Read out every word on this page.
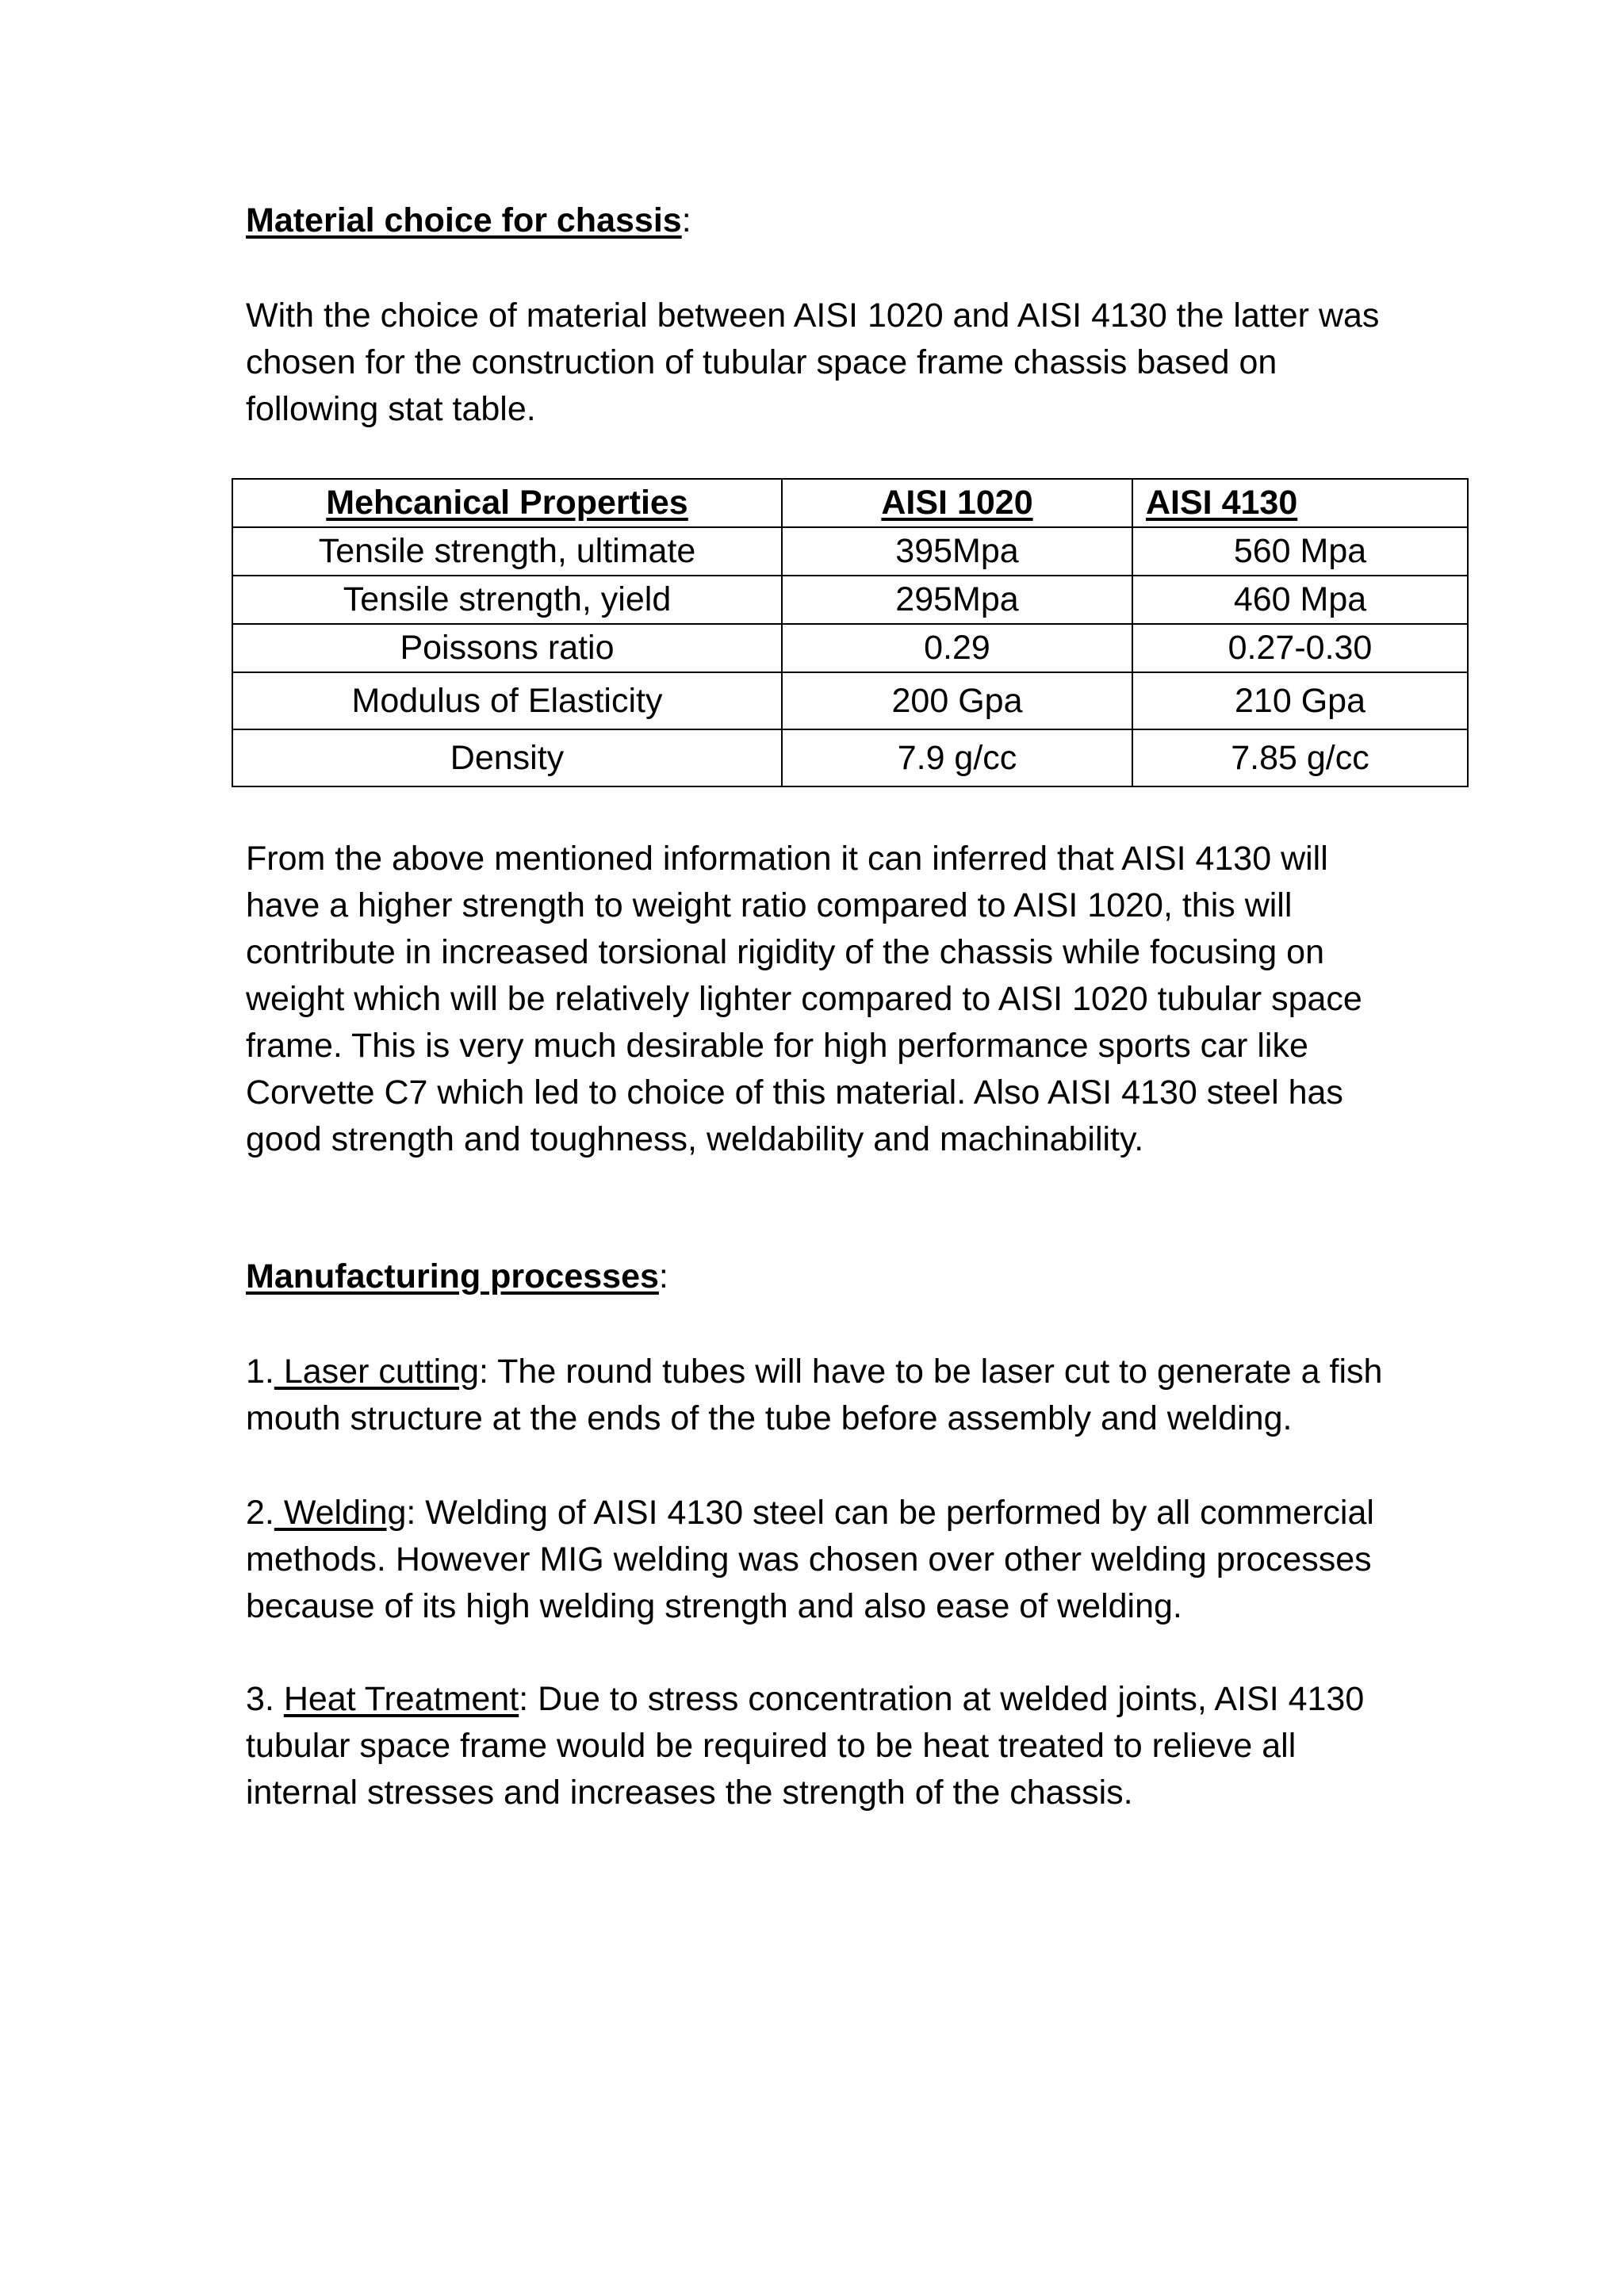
Material choice for chassis:

With the choice of material between AISI 1020 and AISI 4130 the latter was
chosen for the construction of tubular space frame chassis based on
following stat table.

Mehcanical Properties	AISI 1020	AISI 4130
Tensile strength, ultimate	395Mpa	560 Mpa
Tensile strength, yield	295Mpa	460 Mpa
Poissons ratio	0.29	0.27-0.30
Modulus of Elasticity	200 Gpa	210 Gpa
Density	7.9 g/cc	7.85 g/cc

From the above mentioned information it can inferred that AISI 4130 will
have a higher strength to weight ratio compared to AISI 1020, this will
contribute in increased torsional rigidity of the chassis while focusing on
weight which will be relatively lighter compared to AISI 1020 tubular space
frame. This is very much desirable for high performance sports car like
Corvette C7 which led to choice of this material. Also AISI 4130 steel has
good strength and toughness, weldability and machinability.

Manufacturing processes:

1. Laser cutting: The round tubes will have to be laser cut to generate a fish
mouth structure at the ends of the tube before assembly and welding.

2. Welding: Welding of AISI 4130 steel can be performed by all commercial
methods. However MIG welding was chosen over other welding processes
because of its high welding strength and also ease of welding.

3. Heat Treatment: Due to stress concentration at welded joints, AISI 4130
tubular space frame would be required to be heat treated to relieve all
internal stresses and increases the strength of the chassis.
